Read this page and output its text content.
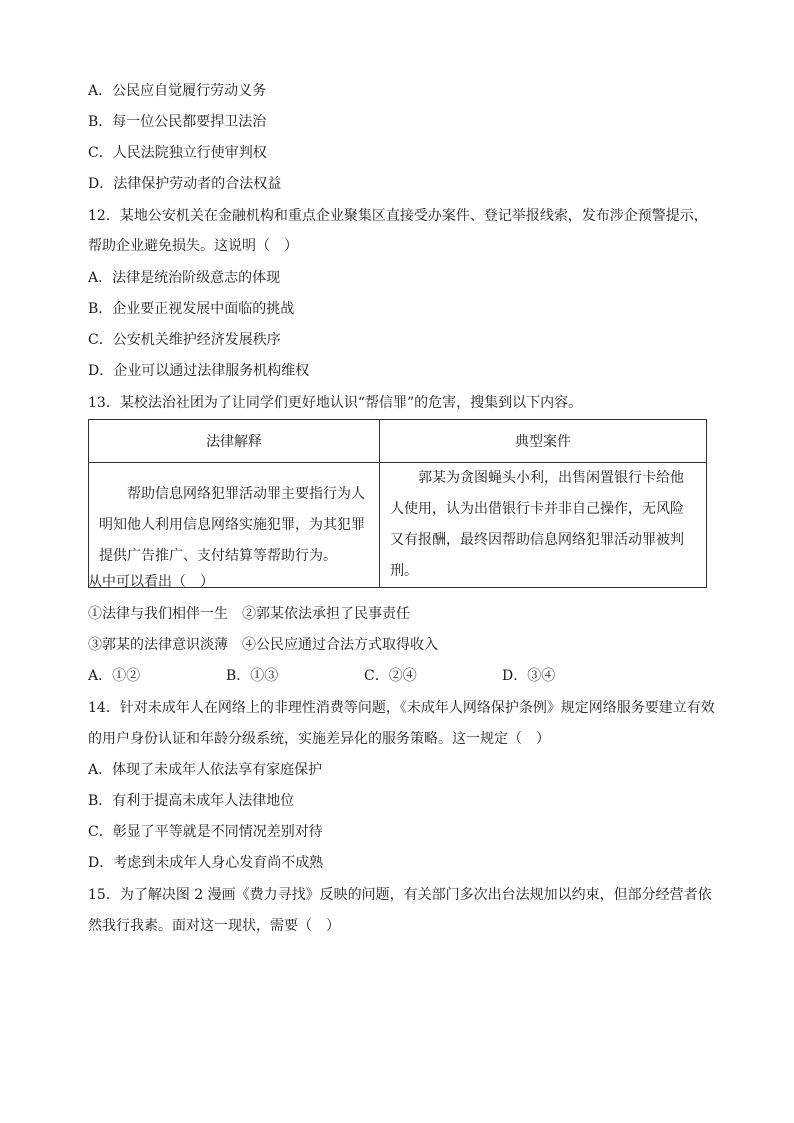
A．公民应自觉履行劳动义务
B．每一位公民都要捍卫法治
C．人民法院独立行使审判权
D．法律保护劳动者的合法权益
12．某地公安机关在金融机构和重点企业聚集区直接受办案件、登记举报线索，发布涉企预警提示，
帮助企业避免损失。这说明（　）
A．法律是统治阶级意志的体现
B．企业要正视发展中面临的挑战
C．公安机关维护经济发展秩序
D．企业可以通过法律服务机构维权
13．某校法治社团为了让同学们更好地认识“帮信罪”的危害，搜集到以下内容。
法律解释	典型案件
帮助信息网络犯罪活动罪主要指行为人明知他人利用信息网络实施犯罪，为其犯罪提供广告推广、支付结算等帮助行为。	郭某为贪图蝇头小利，出售闲置银行卡给他人使用，认为出借银行卡并非自己操作，无风险又有报酬，最终因帮助信息网络犯罪活动罪被判刑。
从中可以看出（　）
①法律与我们相伴一生　②郭某依法承担了民事责任
③郭某的法律意识淡薄　④公民应通过合法方式取得收入
A．①②	B．①③	C．②④	D．③④
14．针对未成年人在网络上的非理性消费等问题，《未成年人网络保护条例》规定网络服务要建立有效
的用户身份认证和年龄分级系统，实施差异化的服务策略。这一规定（　）
A．体现了未成年人依法享有家庭保护
B．有利于提高未成年人法律地位
C．彰显了平等就是不同情况差别对待
D．考虑到未成年人身心发育尚不成熟
15．为了解决图 2 漫画《费力寻找》反映的问题，有关部门多次出台法规加以约束，但部分经营者依
然我行我素。面对这一现状，需要（　）
